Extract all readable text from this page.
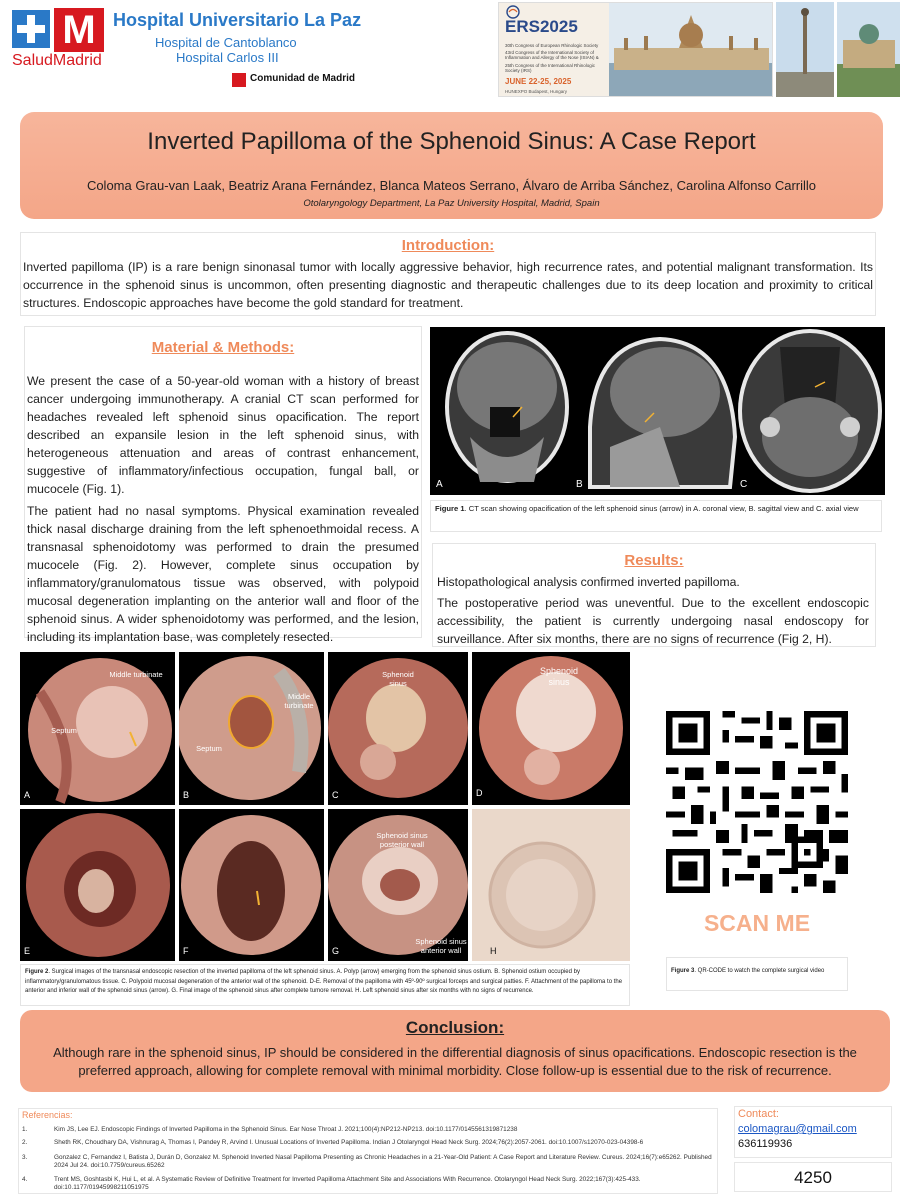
M
SaludMadrid
Hospital Universitario La Paz
Hospital de Cantoblanco
Hospital Carlos III
Comunidad de Madrid
ERS2025
30th Congress of European Rhinologic Society
43rd Congress of the International Society of Inflammation and Allergy of the Nose (ISIAN) &
25th Congress of the International Rhinologic Society (IRS)
JUNE 22-25, 2025
HUNEXPO Budapest, Hungary
Inverted Papilloma of the Sphenoid Sinus: A Case Report
Coloma Grau-van Laak, Beatriz Arana Fernández, Blanca Mateos Serrano, Álvaro de Arriba Sánchez, Carolina Alfonso Carrillo
Otolaryngology Department, La Paz University Hospital, Madrid, Spain
Introduction:
Inverted papilloma (IP) is a rare benign sinonasal tumor with locally aggressive behavior, high recurrence rates, and potential malignant transformation. Its occurrence in the sphenoid sinus is uncommon, often presenting diagnostic and therapeutic challenges due to its deep location and proximity to critical structures. Endoscopic approaches have become the gold standard for treatment.
Material & Methods:
We present the case of a 50-year-old woman with a history of breast cancer undergoing immunotherapy. A cranial CT scan performed for headaches revealed left sphenoid sinus opacification. The report described an expansile lesion in the left sphenoid sinus, with heterogeneous attenuation and areas of contrast enhancement, suggestive of inflammatory/infectious occupation, fungal ball, or mucocele (Fig. 1).
The patient had no nasal symptoms. Physical examination revealed thick nasal discharge draining from the left sphenoethmoidal recess. A transnasal sphenoidotomy was performed to drain the presumed mucocele (Fig. 2). However, complete sinus occupation by inflammatory/granulomatous tissue was observed, with polypoid mucosal degeneration implanting on the anterior wall and floor of the sphenoid sinus. A wider sphenoidotomy was performed, and the lesion, including its implantation base, was completely resected.
A	B	C
Figure 1. CT scan showing opacification of the left sphenoid sinus (arrow) in A. coronal view, B. sagittal view and C. axial view
Results:
Histopathological analysis confirmed inverted papilloma.
The postoperative period was uneventful. Due to the excellent endoscopic accessibility, the patient is currently undergoing nasal endoscopy for surveillance. After six months, there are no signs of recurrence (Fig 2, H).
Middle turbinate
Septum
A
Middle turbinate
Septum
B
Sphenoid sinus
C
Sphenoid sinus
D
E	F
Sphenoid sinus posterior wall
Sphenoid sinus anterior wall
G	H
Figure 2. Surgical images of the transnasal endoscopic resection of the inverted papilloma of the left sphenoid sinus. A. Polyp (arrow) emerging from the sphenoid sinus ostium. B. Sphenoid ostium occupied by inflammatory/granulomatous tissue. C. Polypoid mucosal degeneration of the anterior wall of the sphenoid. D-E. Removal of the papilloma with 45º-90º surgical forceps and surgical patties. F. Attachment of the papilloma to the anterior and inferior wall of the sphenoid sinus (arrow). G. Final image of the sphenoid sinus after complete tumore removal. H. Left sphenoid sinus after six months with no signs of recurrence.
SCAN ME
Figure 3. QR-CODE to watch the complete surgical video
Conclusion:
Although rare in the sphenoid sinus, IP should be considered in the differential diagnosis of sinus opacifications. Endoscopic resection is the preferred approach, allowing for complete removal with minimal morbidity. Close follow-up is essential due to the risk of recurrence.
Referencias:
1.	Kim JS, Lee EJ. Endoscopic Findings of Inverted Papilloma in the Sphenoid Sinus. Ear Nose Throat J. 2021;100(4):NP212-NP213. doi:10.1177/0145561319871238
2.	Sheth RK, Choudhary DA, Vishnurag A, Thomas I, Pandey R, Arvind I. Unusual Locations of Inverted Papilloma. Indian J Otolaryngol Head Neck Surg. 2024;76(2):2057-2061. doi:10.1007/s12070-023-04398-6
3.	Gonzalez C, Fernandez I, Batista J, Durán D, Gonzalez M. Sphenoid Inverted Nasal Papilloma Presenting as Chronic Headaches in a 21-Year-Old Patient: A Case Report and Literature Review. Cureus. 2024;16(7):e65262. Published 2024 Jul 24. doi:10.7759/cureus.65262
4.	Trent MS, Goshtasbi K, Hui L, et al. A Systematic Review of Definitive Treatment for Inverted Papilloma Attachment Site and Associations With Recurrence. Otolaryngol Head Neck Surg. 2022;167(3):425-433. doi:10.1177/01945998211051975
Contact:
colomagrau@gmail.com
636119936
4250
